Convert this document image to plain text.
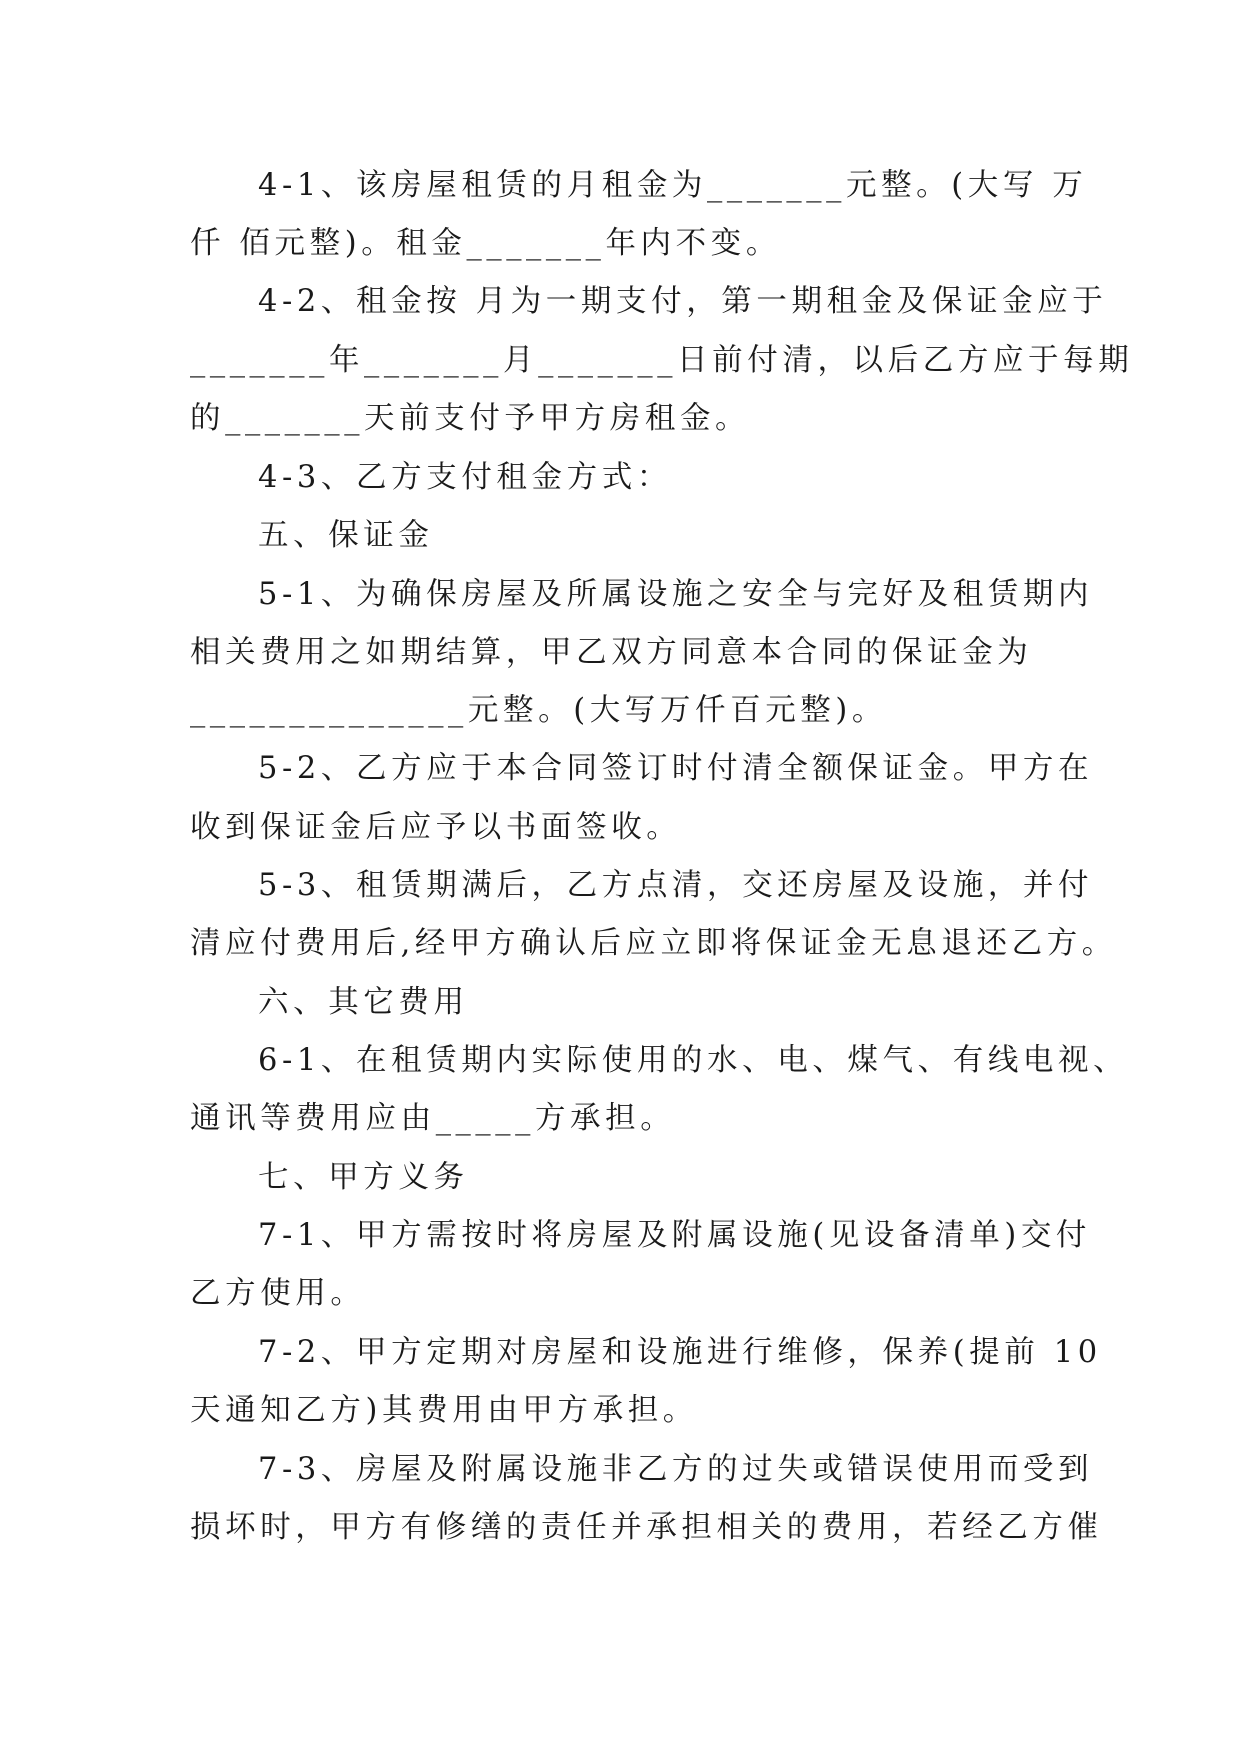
4-1、该房屋租赁的月租金为_______元整。(大写 万
仟 佰元整)。租金_______年内不变。
4-2、租金按 月为一期支付，第一期租金及保证金应于
_______年_______月_______日前付清，以后乙方应于每期
的_______天前支付予甲方房租金。
4-3、乙方支付租金方式：
五、保证金
5-1、为确保房屋及所属设施之安全与完好及租赁期内
相关费用之如期结算，甲乙双方同意本合同的保证金为
______________元整。(大写万仟百元整)。
5-2、乙方应于本合同签订时付清全额保证金。甲方在
收到保证金后应予以书面签收。
5-3、租赁期满后，乙方点清，交还房屋及设施，并付
清应付费用后,经甲方确认后应立即将保证金无息退还乙方。
六、其它费用
6-1、在租赁期内实际使用的水、电、煤气、有线电视、
通讯等费用应由_____方承担。
七、甲方义务
7-1、甲方需按时将房屋及附属设施(见设备清单)交付
乙方使用。
7-2、甲方定期对房屋和设施进行维修，保养(提前 10
天通知乙方)其费用由甲方承担。
7-3、房屋及附属设施非乙方的过失或错误使用而受到
损坏时，甲方有修缮的责任并承担相关的费用，若经乙方催
